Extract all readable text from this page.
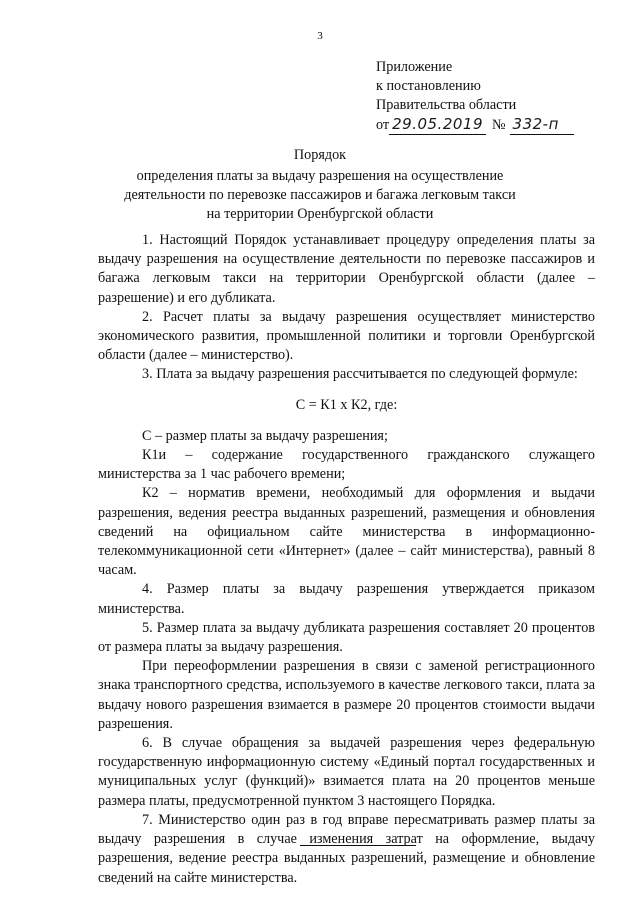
3
Приложение
к постановлению
Правительства области
от 29.05.2019 № 332-п
Порядок
определения платы за выдачу разрешения на осуществление
деятельности по перевозке пассажиров и багажа легковым такси
на территории Оренбургской области

1. Настоящий Порядок устанавливает процедуру определения платы за выдачу разрешения на осуществление деятельности по перевозке пассажиров и багажа легковым такси на территории Оренбургской области (далее – разрешение) и его дубликата.

2. Расчет платы за выдачу разрешения осуществляет министерство экономического развития, промышленной политики и торговли Оренбургской области (далее – министерство).

3. Плата за выдачу разрешения рассчитывается по следующей формуле:

С = К1 х К2, где:

С – размер платы за выдачу разрешения;

К1и – содержание государственного гражданского служащего министерства за 1 час рабочего времени;

К2 – норматив времени, необходимый для оформления и выдачи разрешения, ведения реестра выданных разрешений, размещения и обновления сведений на официальном сайте министерства в информационно-телекоммуникационной сети «Интернет» (далее – сайт министерства), равный 8 часам.

4. Размер платы за выдачу разрешения утверждается приказом министерства.

5. Размер плата за выдачу дубликата разрешения составляет 20 процентов от размера платы за выдачу разрешения.

При переоформлении разрешения в связи с заменой регистрационного знака транспортного средства, используемого в качестве легкового такси, плата за выдачу нового разрешения взимается в размере 20 процентов стоимости выдачи разрешения.

6. В случае обращения за выдачей разрешения через федеральную государственную информационную систему «Единый портал государственных и муниципальных услуг (функций)» взимается плата на 20 процентов меньше размера платы, предусмотренной пунктом 3 настоящего Порядка.

7. Министерство один раз в год вправе пересматривать размер платы за выдачу разрешения в случае изменения затрат на оформление, выдачу разрешения, ведение реестра выданных разрешений, размещение и обновление сведений на сайте министерства.
